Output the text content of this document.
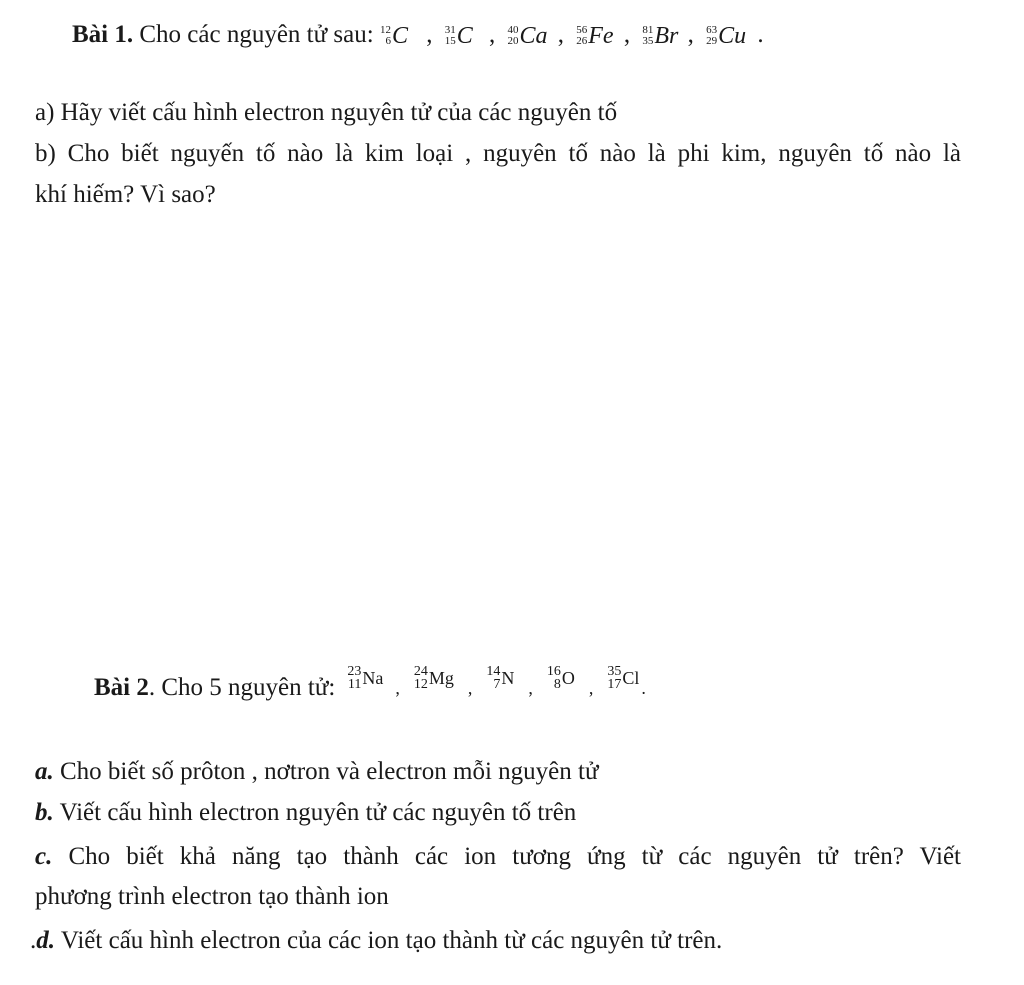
Bài 1. Cho các nguyên tử sau: 12
6 C , 31
15 C , 40
20 Ca , 56
26 Fe , 81
35 Br , 63
29 Cu .
a) Hãy viết cấu hình electron nguyên tử của các nguyên tố
b) Cho biết nguyến tố nào là kim loại , nguyên tố nào là phi kim, nguyên tố nào là
khí hiếm? Vì sao?
Bài 2 . Cho 5 nguyên tử:
23
11 Na ,
24
12 Mg ,
14
7 N ,
16
8 O ,
35
17 Cl .
a. Cho biết số prôton , nơtron và electron mỗi nguyên tử
b. Viết cấu hình electron nguyên tử các nguyên tố trên
c. Cho biết khả năng tạo thành các ion tương ứng từ các nguyên tử trên? Viết
phương trình electron tạo thành ion
.d. Viết cấu hình electron của các ion tạo thành từ các nguyên tử trên.
